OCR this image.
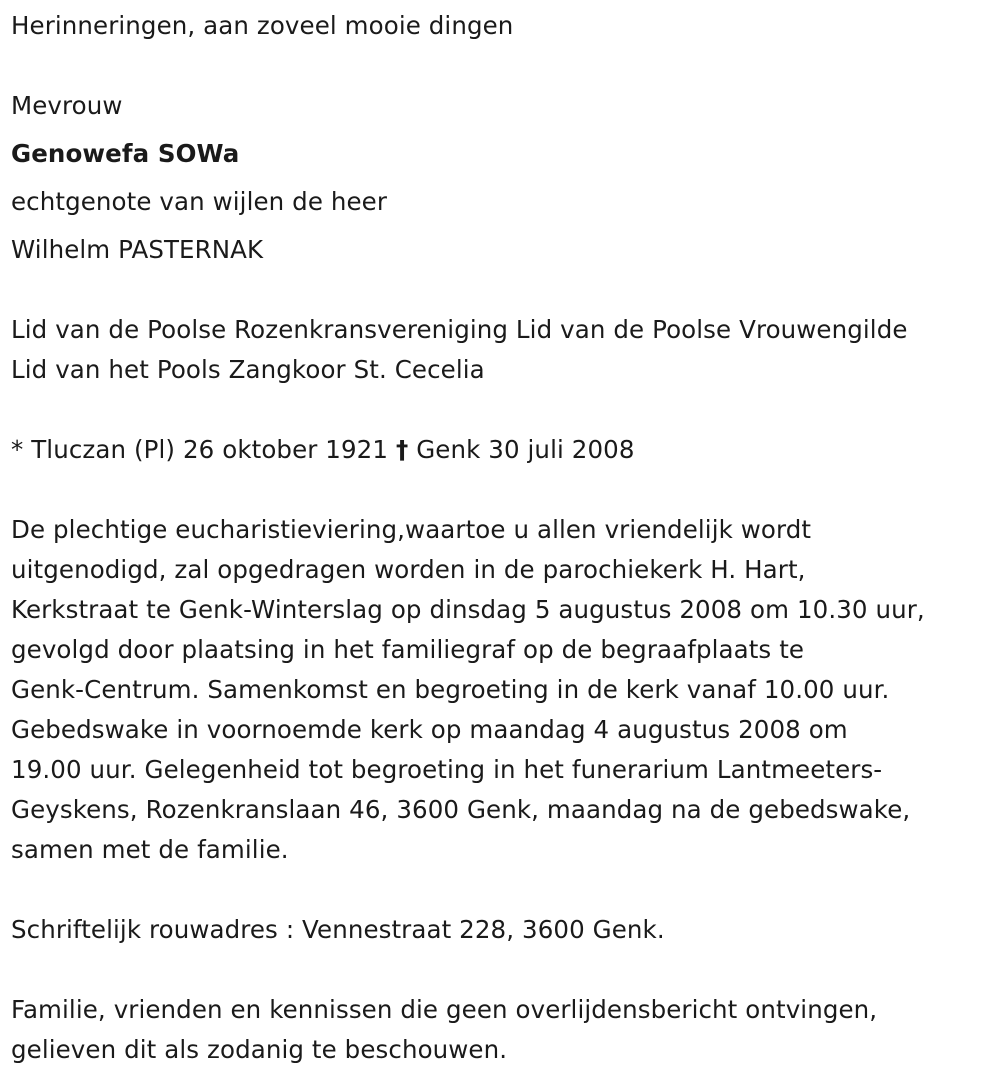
Herinneringen, aan zoveel mooie dingen
Mevrouw
Genowefa SOWa
echtgenote van wijlen de heer
Wilhelm PASTERNAK
Lid van de Poolse Rozenkransvereniging Lid van de Poolse Vrouwengilde
Lid van het Pools Zangkoor St. Cecelia
* Tluczan (Pl) 26 oktober 1921 † Genk 30 juli 2008
De plechtige eucharistieviering,waartoe u allen vriendelijk wordt
uitgenodigd, zal opgedragen worden in de parochiekerk H. Hart,
Kerkstraat te Genk-Winterslag op dinsdag 5 augustus 2008 om 10.30 uur,
gevolgd door plaatsing in het familiegraf op de begraafplaats te
Genk-Centrum. Samenkomst en begroeting in de kerk vanaf 10.00 uur.
Gebedswake in voornoemde kerk op maandag 4 augustus 2008 om
19.00 uur. Gelegenheid tot begroeting in het funerarium Lantmeeters-
Geyskens, Rozenkranslaan 46, 3600 Genk, maandag na de gebedswake,
samen met de familie.
Schriftelijk rouwadres : Vennestraat 228, 3600 Genk.
Familie, vrienden en kennissen die geen overlijdensbericht ontvingen,
gelieven dit als zodanig te beschouwen.
